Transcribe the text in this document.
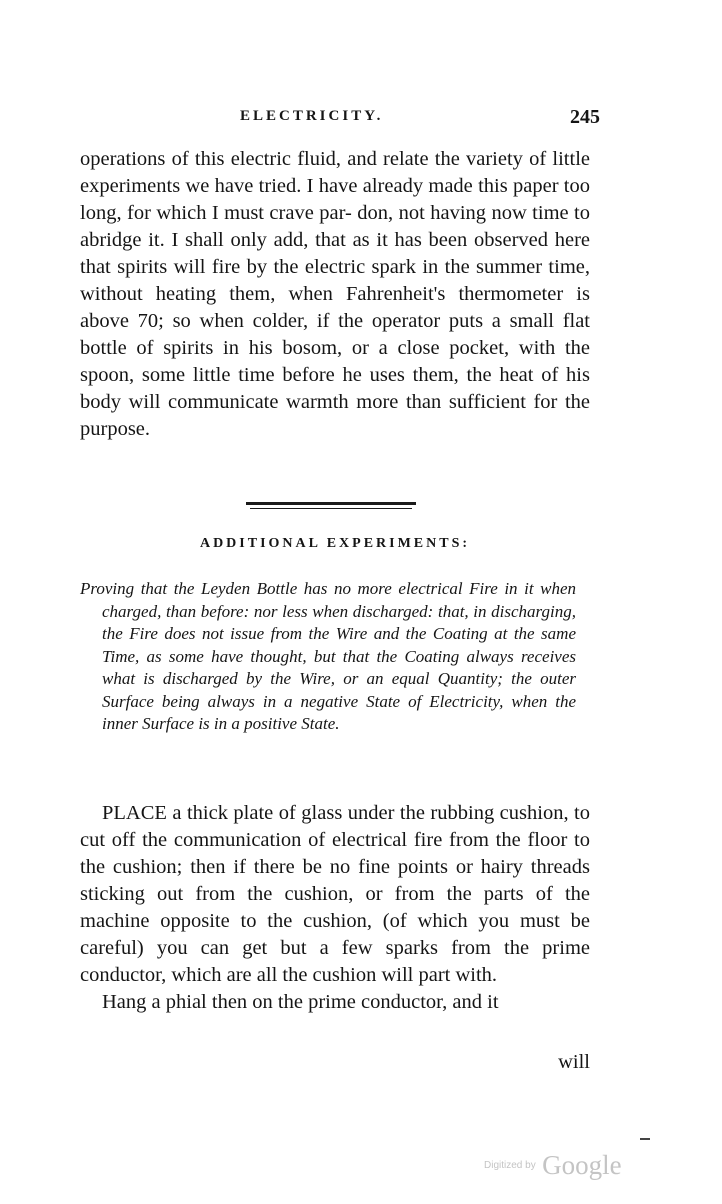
ELECTRICITY.	245

operations of this electric fluid, and relate the variety of little experiments we have tried. I have already made this paper too long, for which I must crave par- don, not having now time to abridge it. I shall only add, that as it has been observed here that spirits will fire by the electric spark in the summer time, without heating them, when Fahrenheit's thermometer is above 70; so when colder, if the operator puts a small flat bottle of spirits in his bosom, or a close pocket, with the spoon, some little time before he uses them, the heat of his body will communicate warmth more than sufficient for the purpose.

ADDITIONAL EXPERIMENTS:
Proving that the Leyden Bottle has no more electrical Fire in it when charged, than before: nor less when discharged: that, in discharging, the Fire does not issue from the Wire and the Coating at the same Time, as some have thought, but that the Coating always receives what is discharged by the Wire, or an equal Quantity; the outer Surface being always in a negative State of Electricity, when the inner Surface is in a positive State.

PLACE a thick plate of glass under the rubbing cushion, to cut off the communication of electrical fire from the floor to the cushion; then if there be no fine points or hairy threads sticking out from the cushion, or from the parts of the machine opposite to the cushion, (of which you must be careful) you can get but a few sparks from the prime conductor, which are all the cushion will part with.

Hang a phial then on the prime conductor, and it

will
Digitized by Google
